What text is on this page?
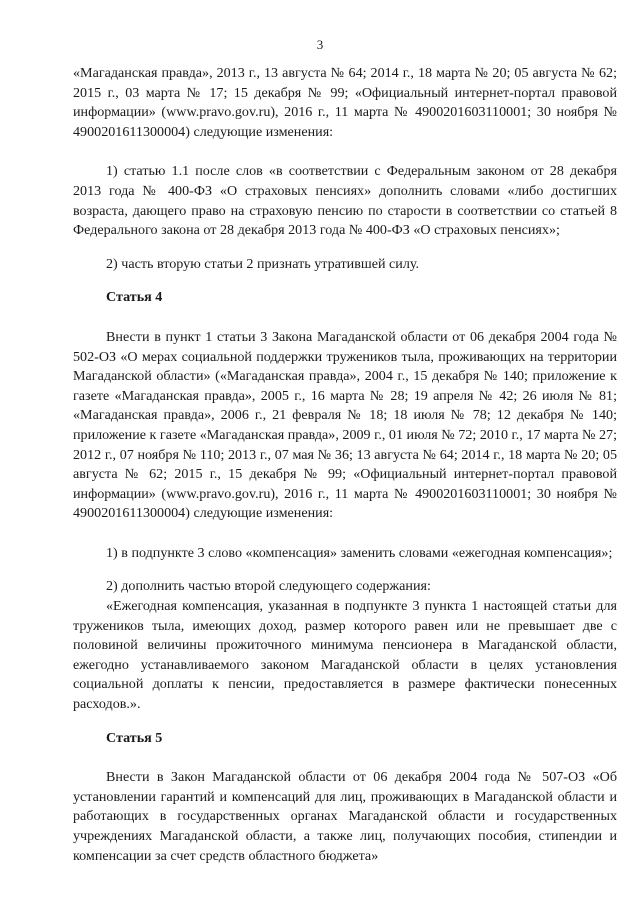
3
«Магаданская правда», 2013 г., 13 августа № 64; 2014 г., 18 марта № 20; 05 августа № 62; 2015 г., 03 марта № 17; 15 декабря № 99; «Официальный интернет-портал правовой информации» (www.pravo.gov.ru), 2016 г., 11 марта № 4900201603110001; 30 ноября № 4900201611300004) следующие изменения:
1) статью 1.1 после слов «в соответствии с Федеральным законом от 28 декабря 2013 года № 400-ФЗ «О страховых пенсиях» дополнить словами «либо достигших возраста, дающего право на страховую пенсию по старости в соответствии со статьей 8 Федерального закона от 28 декабря 2013 года № 400-ФЗ «О страховых пенсиях»;
2) часть вторую статьи 2 признать утратившей силу.
Статья 4
Внести в пункт 1 статьи 3 Закона Магаданской области от 06 декабря 2004 года № 502-ОЗ «О мерах социальной поддержки тружеников тыла, проживающих на территории Магаданской области» («Магаданская правда», 2004 г., 15 декабря № 140; приложение к газете «Магаданская правда», 2005 г., 16 марта № 28; 19 апреля № 42; 26 июля № 81; «Магаданская правда», 2006 г., 21 февраля № 18; 18 июля № 78; 12 декабря № 140; приложение к газете «Магаданская правда», 2009 г., 01 июля № 72; 2010 г., 17 марта № 27; 2012 г., 07 ноября № 110; 2013 г., 07 мая № 36; 13 августа № 64; 2014 г., 18 марта № 20; 05 августа № 62; 2015 г., 15 декабря № 99; «Официальный интернет-портал правовой информации» (www.pravo.gov.ru), 2016 г., 11 марта № 4900201603110001; 30 ноября № 4900201611300004) следующие изменения:
1) в подпункте 3 слово «компенсация» заменить словами «ежегодная компенсация»;
2) дополнить частью второй следующего содержания:
«Ежегодная компенсация, указанная в подпункте 3 пункта 1 настоящей статьи для тружеников тыла, имеющих доход, размер которого равен или не превышает две с половиной величины прожиточного минимума пенсионера в Магаданской области, ежегодно устанавливаемого законом Магаданской области в целях установления социальной доплаты к пенсии, предоставляется в размере фактически понесенных расходов.».
Статья 5
Внести в Закон Магаданской области от 06 декабря 2004 года № 507-ОЗ «Об установлении гарантий и компенсаций для лиц, проживающих в Магаданской области и работающих в государственных органах Магаданской области и государственных учреждениях Магаданской области, а также лиц, получающих пособия, стипендии и компенсации за счет средств областного бюджета»
